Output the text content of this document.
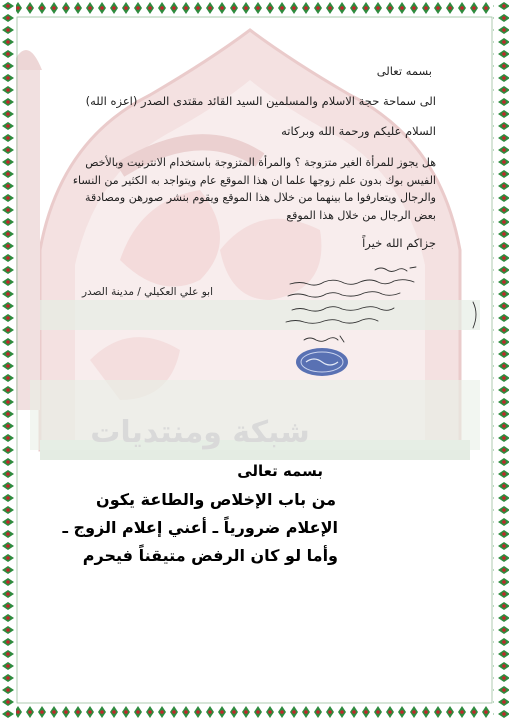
شبكة ومنتديات
بسمه تعالى
الى سماحة حجة الاسلام والمسلمين السيد القائد مقتدى الصدر (اعزه الله)
السلام عليكم ورحمة الله وبركاته
هل يجوز للمرأة الغير متزوجة ؟ والمرأة المتزوجة باستخدام الانترنيت وبالأخص الفيس بوك بدون علم زوجها علما ان هذا الموقع عام ويتواجد به الكثير من النساء والرجال ويتعارفوا ما بينهما من خلال هذا الموقع ويقوم بنشر صورهن ومصادقة بعض الرجال من خلال هذا الموقع
جزاكم الله خيراً
ابو علي العكيلي / مدينة الصدر
بسمه تعالى
من باب الإخلاص والطاعة يكون
الإعلام ضرورياً ـ أعني إعلام الزوج ـ
وأما لو كان الرفض متيقناً فيحرم
